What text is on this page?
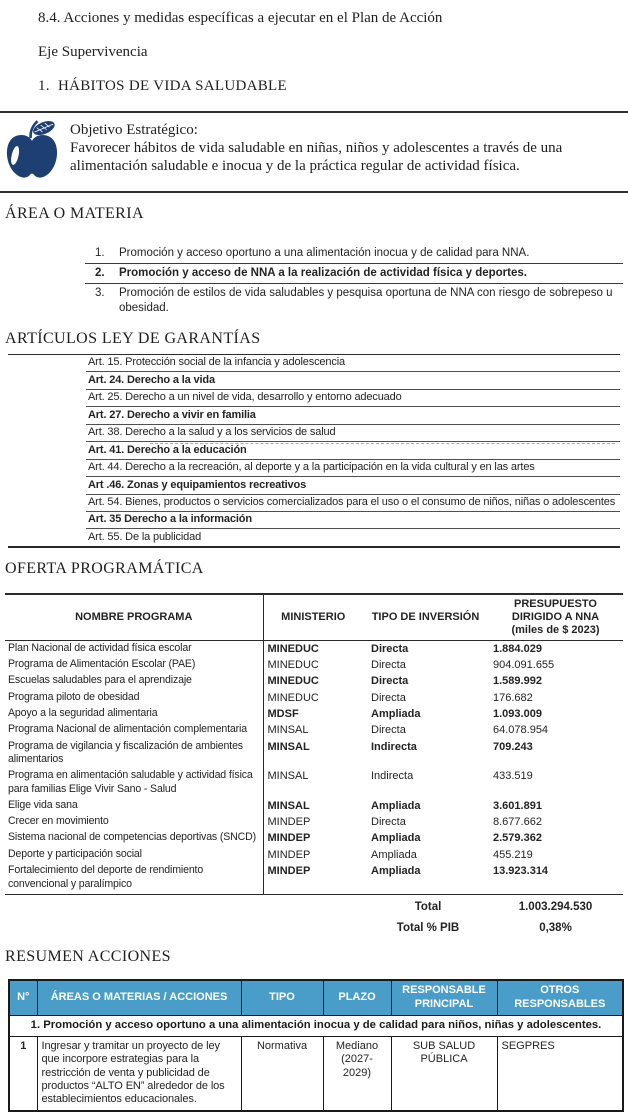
8.4. Acciones y medidas específicas a ejecutar en el Plan de Acción
Eje Supervivencia
1.  HÁBITOS DE VIDA SALUDABLE
Objetivo Estratégico:
Favorecer hábitos de vida saludable en niñas, niños y adolescentes a través de una alimentación saludable e inocua y de la práctica regular de actividad física.
ÁREA O MATERIA
1.	Promoción y acceso oportuno a una alimentación inocua y de calidad para NNA.
2.	Promoción y acceso de NNA a la realización de actividad física y deportes.
3.	Promoción de estilos de vida saludables y pesquisa oportuna de NNA con riesgo de sobrepeso u obesidad.
ARTÍCULOS LEY DE GARANTÍAS
Art. 15. Protección social de la infancia y adolescencia
Art. 24. Derecho a la vida
Art. 25. Derecho a un nivel de vida, desarrollo y entorno adecuado
Art. 27. Derecho a vivir en familia
Art. 38. Derecho a la salud y a los servicios de salud
Art. 41. Derecho a la educación
Art. 44. Derecho a la recreación, al deporte y a la participación en la vida cultural y en las artes
Art .46. Zonas y equipamientos recreativos
Art. 54. Bienes, productos o servicios comercializados para el uso o el consumo de niños, niñas o adolescentes
Art. 35 Derecho a la información
Art. 55. De la publicidad
OFERTA PROGRAMÁTICA
NOMBRE PROGRAMA	MINISTERIO	TIPO DE INVERSIÓN	PRESUPUESTO
DIRIGIDO A NNA
(miles de $ 2023)

Plan Nacional de actividad física escolar	MINEDUC	Directa	1.884.029
Programa de Alimentación Escolar (PAE)	MINEDUC	Directa	904.091.655
Escuelas saludables para el aprendizaje	MINEDUC	Directa	1.589.992
Programa piloto de obesidad	MINEDUC	Directa	176.682
Apoyo a la seguridad alimentaria	MDSF	Ampliada	1.093.009
Programa Nacional de alimentación complementaria	MINSAL	Directa	64.078.954
Programa de vigilancia y fiscalización de ambientes alimentarios	MINSAL	Indirecta	709.243
Programa en alimentación saludable y actividad física para familias Elige Vivir Sano - Salud	MINSAL	Indirecta	433.519
Elige vida sana	MINSAL	Ampliada	3.601.891
Crecer en movimiento	MINDEP	Directa	8.677.662
Sistema nacional de competencias deportivas (SNCD)	MINDEP	Ampliada	2.579.362
Deporte y participación social	MINDEP	Ampliada	455.219
Fortalecimiento del deporte de rendimiento convencional y paralímpico	MINDEP	Ampliada	13.923.314
Total	1.003.294.530
Total % PIB	0,38%
RESUMEN ACCIONES
N°	ÁREAS O MATERIAS / ACCIONES	TIPO	PLAZO	RESPONSABLE PRINCIPAL	OTROS RESPONSABLES
1. Promoción y acceso oportuno a una alimentación inocua y de calidad para niños, niñas y adolescentes.					
1	Ingresar y tramitar un proyecto de ley que incorpore estrategias para la restricción de venta y publicidad de productos “ALTO EN” alrededor de los establecimientos educacionales.	Normativa	Mediano (2027-2029)	SUB SALUD PÚBLICA	SEGPRES
